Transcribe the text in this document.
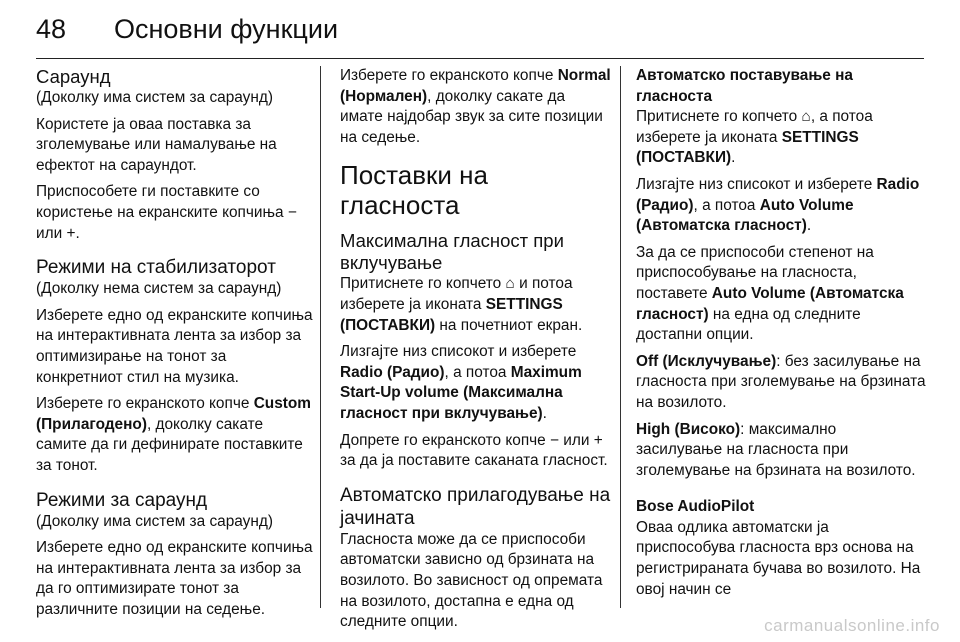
48	Основни функции
Сараунд

(Доколку има систем за сараунд)

Користете ја оваа поставка за зголемување или намалување на ефектот на сараундот.

Приспособете ги поставките со користење на екранските копчиња − или +.

Режими на стабилизаторот

(Доколку нема систем за сараунд)

Изберете едно од екранските копчиња на интерактивната лента за избор за оптимизирање на тонот за конкретниот стил на музика.

Изберете го екранското копче Custom (Прилагодено), доколку сакате самите да ги дефинирате поставките за тонот.

Режими за сараунд

(Доколку има систем за сараунд)

Изберете едно од екранските копчиња на интерактивната лента за избор за да го оптимизирате тонот за различните позиции на седење.

Изберете го екранското копче Normal (Нормален), доколку сакате да имате најдобар звук за сите позиции на седење.

Поставки на гласноста
Максимална гласност при вклучување

Притиснете го копчето ⌂ и потоа изберете ја иконата SETTINGS (ПОСТАВКИ) на почетниот екран.

Лизгајте низ списокот и изберете Radio (Радио), а потоа Maximum Start-Up volume (Максимална гласност при вклучување).

Допрете го екранското копче − или + за да ја поставите саканата гласност.

Автоматско прилагодување на јачината

Гласноста може да се приспособи автоматски зависно од брзината на возилото. Во зависност од опремата на возилото, достапна е една од следните опции.

Автоматско поставување на гласноста

Притиснете го копчето ⌂, а потоа изберете ја иконата SETTINGS (ПОСТАВКИ).

Лизгајте низ списокот и изберете Radio (Радио), а потоа Auto Volume (Автоматска гласност).

За да се приспособи степенот на приспособување на гласноста, поставете Auto Volume (Автоматска гласност) на една од следните достапни опции.

Off (Исклучување): без засилување на гласноста при зголемување на брзината на возилото.

High (Високо): максимално засилување на гласноста при зголемување на брзината на возилото.

Bose AudioPilot

Оваа одлика автоматски ја приспособува гласноста врз основа на регистрираната бучава во возилото. На овој начин се

carmanualsonline.info
